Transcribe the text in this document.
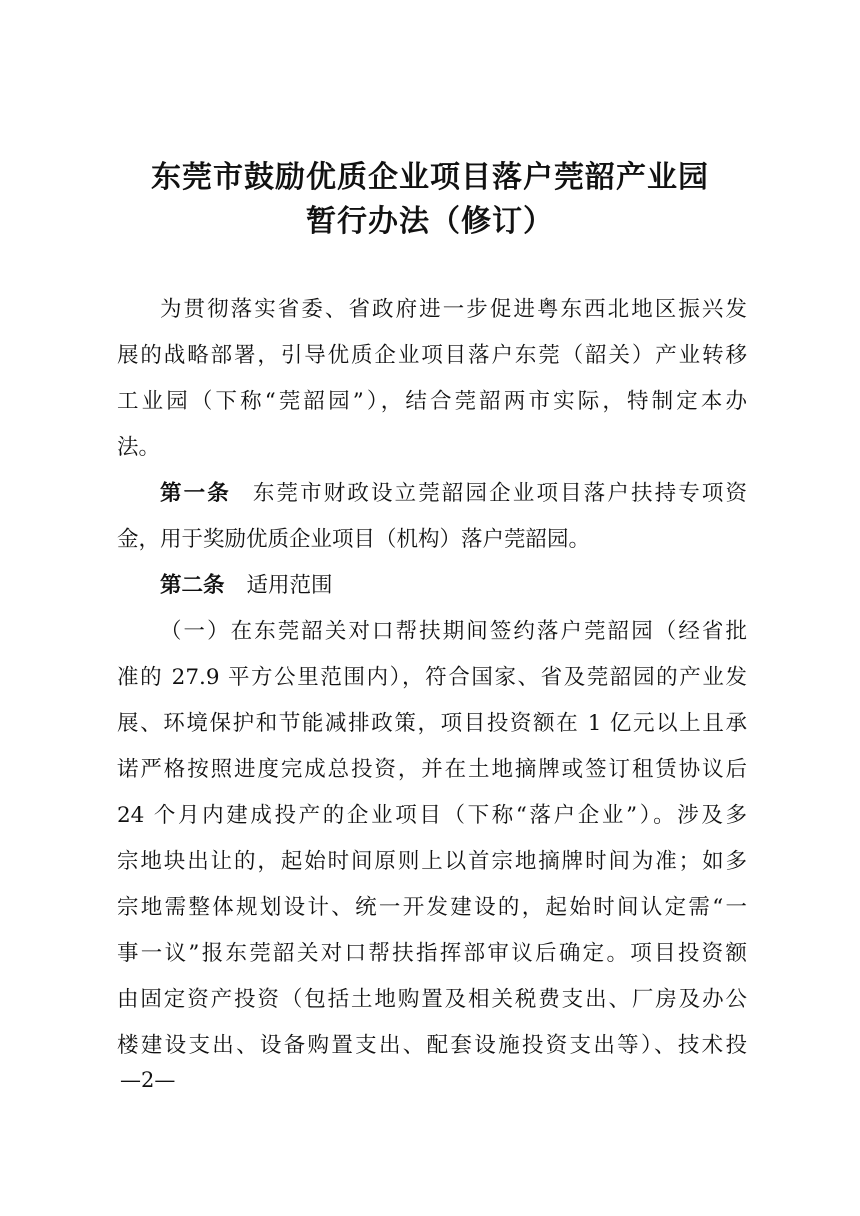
东莞市鼓励优质企业项目落户莞韶产业园
暂行办法（修订）

为贯彻落实省委、省政府进一步促进粤东西北地区振兴发

展的战略部署，引导优质企业项目落户东莞（韶关）产业转移

工业园（下称“莞韶园”），结合莞韶两市实际，特制定本办

法。

第一条 东莞市财政设立莞韶园企业项目落户扶持专项资

金，用于奖励优质企业项目（机构）落户莞韶园。

第二条 适用范围

（一）在东莞韶关对口帮扶期间签约落户莞韶园（经省批

准的 27.9 平方公里范围内），符合国家、省及莞韶园的产业发

展、环境保护和节能减排政策，项目投资额在 1 亿元以上且承

诺严格按照进度完成总投资，并在土地摘牌或签订租赁协议后

24 个月内建成投产的企业项目（下称“落户企业”）。涉及多

宗地块出让的，起始时间原则上以首宗地摘牌时间为准；如多

宗地需整体规划设计、统一开发建设的，起始时间认定需“一

事一议”报东莞韶关对口帮扶指挥部审议后确定。项目投资额

由固定资产投资（包括土地购置及相关税费支出、厂房及办公

楼建设支出、设备购置支出、配套设施投资支出等）、技术投

—2—
